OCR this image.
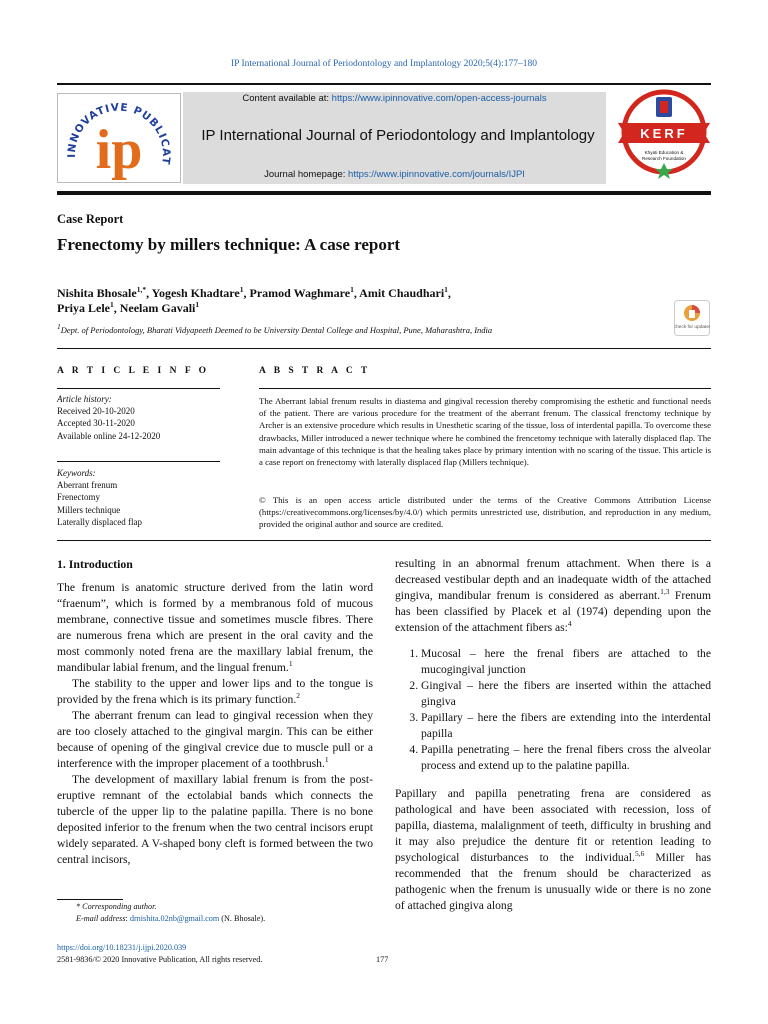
IP International Journal of Periodontology and Implantology 2020;5(4):177–180
INNOVATIVE PUBLICAT
ip
Content available at: https://www.ipinnovative.com/open-access-journals
IP International Journal of Periodontology and Implantology
Journal homepage: https://www.ipinnovative.com/journals/IJPI
KERF
Khyati Education &
Research Foundation
Case Report
Frenectomy by millers technique: A case report
Nishita Bhosale$^{1,*}$, Yogesh Khadtare$^1$, Pramod Waghmare$^1$, Amit Chaudhari$^1$,
Priya Lele$^1$, Neelam Gavali$^1$
$^1$Dept. of Periodontology, Bharati Vidyapeeth Deemed to be University Dental College and Hospital, Pune, Maharashtra, India	Check for updates
A R T I C L E I N F O
Article history:
Received 20-10-2020
Accepted 30-11-2020
Available online 24-12-2020
Keywords:
Aberrant frenum
Frenectomy
Millers technique
Laterally displaced flap
A B S T R A C T
The Aberrant labial frenum results in diastema and gingival recession thereby compromising the esthetic and functional needs of the patient. There are various procedure for the treatment of the aberrant frenum. The classical frenctomy technique by Archer is an extensive procedure which results in Unesthetic scaring of the tissue, loss of interdental papilla. To overcome these drawbacks, Miller introduced a newer technique where he combined the frencetomy technique with laterally displaced flap. The main advantage of this technique is that the healing takes place by primary intention with no scaring of the tissue. This article is a case report on frenectomy with laterally displaced flap (Millers technique).
© This is an open access article distributed under the terms of the Creative Commons Attribution License (https://creativecommons.org/licenses/by/4.0/) which permits unrestricted use, distribution, and reproduction in any medium, provided the original author and source are credited.
1. Introduction

The frenum is anatomic structure derived from the latin word “fraenum”, which is formed by a membranous fold of mucous membrane, connective tissue and sometimes muscle fibres. There are numerous frena which are present in the oral cavity and the most commonly noted frena are the maxillary labial frenum, the mandibular labial frenum, and the lingual frenum.$^1$

The stability to the upper and lower lips and to the tongue is provided by the frena which is its primary function.$^2$

The aberrant frenum can lead to gingival recession when they are too closely attached to the gingival margin. This can be either because of opening of the gingival crevice due to muscle pull or a interference with the improper placement of a toothbrush.$^1$

The development of maxillary labial frenum is from the post-eruptive remnant of the ectolabial bands which connects the tubercle of the upper lip to the palatine papilla. There is no bone deposited inferior to the frenum when the two central incisors erupt widely separated. A V-shaped bony cleft is formed between the two central incisors,

resulting in an abnormal frenum attachment. When there is a decreased vestibular depth and an inadequate width of the attached gingiva, mandibular frenum is considered as aberrant.$^{1,3}$ Frenum has been classified by Placek et al (1974) depending upon the extension of the attachment fibers as:$^4$

1. Mucosal – here the frenal fibers are attached to the mucogingival junction
2. Gingival – here the fibers are inserted within the attached gingiva
3. Papillary – here the fibers are extending into the interdental papilla
4. Papilla penetrating – here the frenal fibers cross the alveolar process and extend up to the palatine papilla.

Papillary and papilla penetrating frena are considered as pathological and have been associated with recession, loss of papilla, diastema, malalignment of teeth, difficulty in brushing and it may also prejudice the denture fit or retention leading to psychological disturbances to the individual.$^{5,6}$ Miller has recommended that the frenum should be characterized as pathogenic when the frenum is unusually wide or there is no zone of attached gingiva along

* Corresponding author.
E-mail address: drnishita.02nb@gmail.com (N. Bhosale).
https://doi.org/10.18231/j.ijpi.2020.039
2581-9836/© 2020 Innovative Publication, All rights reserved.	177
